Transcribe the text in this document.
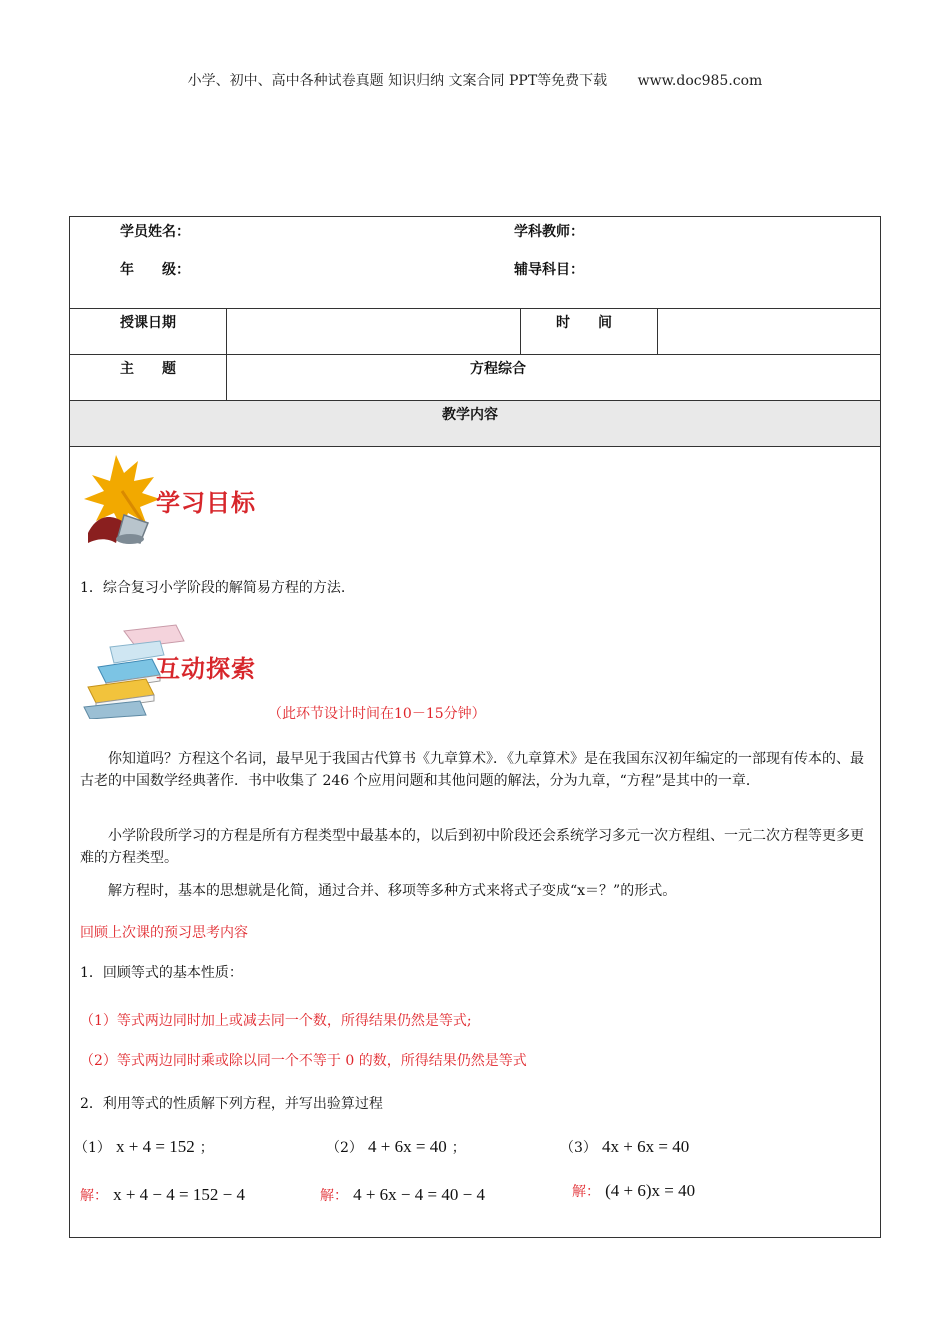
小学、初中、高中各种试卷真题 知识归纳 文案合同 PPT等免费下载 www.doc985.com
学员姓名：	学科教师：
年　　级：	辅导科目：
授课日期	时　　间
主　　题	方程综合
教学内容
学习目标
1．综合复习小学阶段的解简易方程的方法.
互动探索
（此环节设计时间在10－15分钟）
你知道吗？方程这个名词，最早见于我国古代算书《九章算术》．《九章算术》是在我国东汉初年编定的一部现有传本的、最古老的中国数学经典著作．书中收集了 246 个应用问题和其他问题的解法，分为九章，“方程”是其中的一章．
小学阶段所学习的方程是所有方程类型中最基本的，以后到初中阶段还会系统学习多元一次方程组、一元二次方程等更多更难的方程类型。
解方程时，基本的思想就是化简，通过合并、移项等多种方式来将式子变成“x＝？”的形式。
回顾上次课的预习思考内容
1．回顾等式的基本性质：
（1）等式两边同时加上或减去同一个数，所得结果仍然是等式;
（2）等式两边同时乘或除以同一个不等于 0 的数，所得结果仍然是等式
2．利用等式的性质解下列方程，并写出验算过程
（1） x + 4 = 152 ；	（2） 4 + 6x = 40 ；	（3） 4x + 6x = 40
解： x + 4 − 4 = 152 − 4	解： 4 + 6x − 4 = 40 − 4	解： (4 + 6)x = 40
